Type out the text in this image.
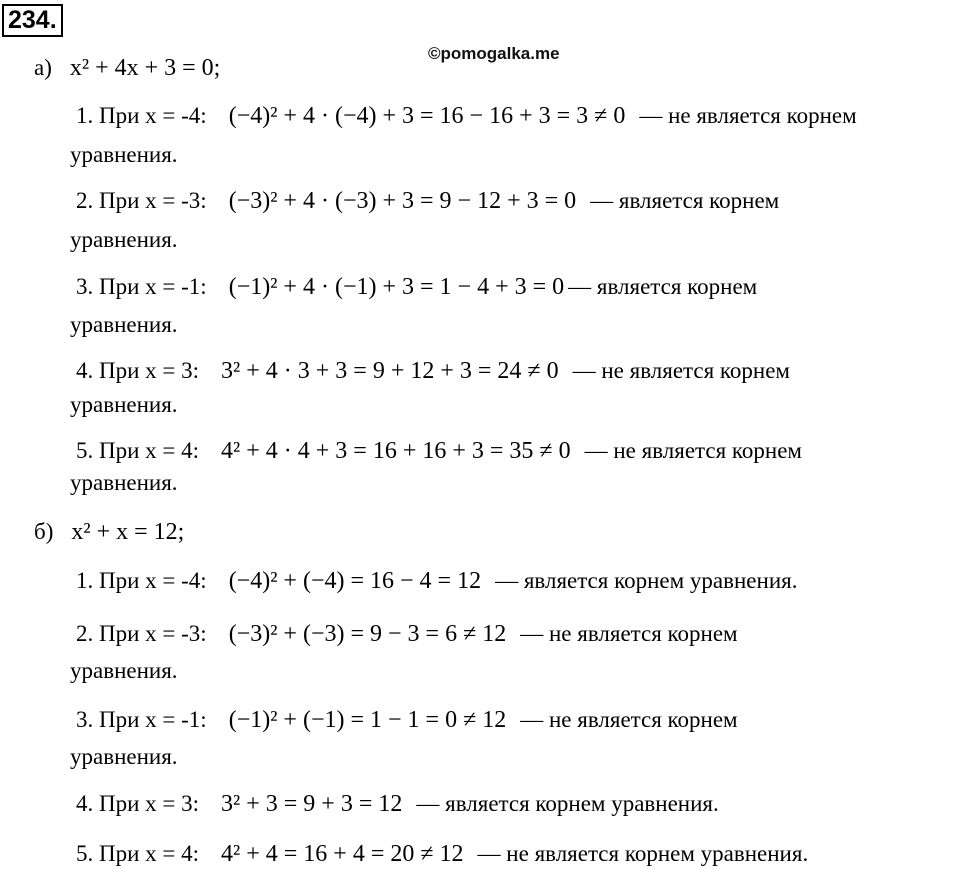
234.
©pomogalka.me
а) x² + 4x + 3 = 0;
1. При x = -4: (−4)² + 4 · (−4) + 3 = 16 − 16 + 3 = 3 ≠ 0 — не является корнем
уравнения.
2. При x = -3: (−3)² + 4 · (−3) + 3 = 9 − 12 + 3 = 0 — является корнем
уравнения.
3. При x = -1: (−1)² + 4 · (−1) + 3 = 1 − 4 + 3 = 0 — является корнем
уравнения.
4. При x = 3: 3² + 4 · 3 + 3 = 9 + 12 + 3 = 24 ≠ 0 — не является корнем
уравнения.
5. При x = 4: 4² + 4 · 4 + 3 = 16 + 16 + 3 = 35 ≠ 0 — не является корнем
уравнения.
б) x² + x = 12;
1. При x = -4: (−4)² + (−4) = 16 − 4 = 12 — является корнем уравнения.
2. При x = -3: (−3)² + (−3) = 9 − 3 = 6 ≠ 12 — не является корнем
уравнения.
3. При x = -1: (−1)² + (−1) = 1 − 1 = 0 ≠ 12 — не является корнем
уравнения.
4. При x = 3: 3² + 3 = 9 + 3 = 12 — является корнем уравнения.
5. При x = 4: 4² + 4 = 16 + 4 = 20 ≠ 12 — не является корнем уравнения.
